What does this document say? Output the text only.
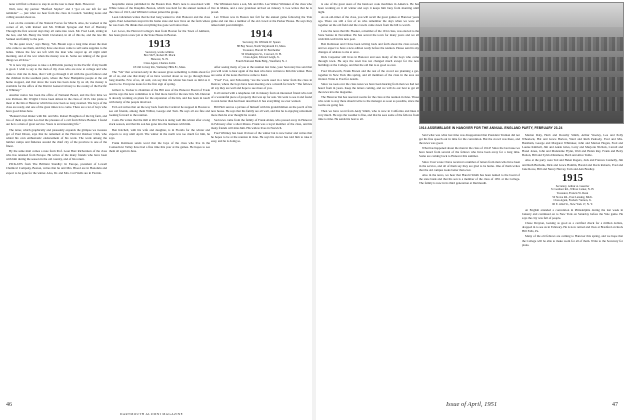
none will find a chance to step in on the tour to meet them. However:

Well, now, my partner "Bedford Snyder" and I "got on our left for our reminder" — just what we hear from the class in Council. Sending notes and calling around about us.

Last on the contents of the Natural Forces for March. Also, he worked at the corner of all, with Robert and Mr. William Sprague and Earl of Barnaby. Through the first several days they all came into town. Mr. Fred Ladd, sitting in the box, and Mr. Henry the Sixth Cleveland, in all of this he, and the late Mr. Samuel and family to the post.

"In the quiet town," says Henry, "Mr. Blount says a long time about the men who came to see them, and they have one more come to sell some supplies to the ladies. Unless the few are left with the man who stayed up all night until morning, and of the war when the money was in. Some are talking of the great things we all have."

"It is now my purpose to take a 4,000-mile journey in the Pacific if my health is good. I wish to say to the men of my class who are now at college and who came to visit me in June, that I will go through it all with the good fellows and the children in the southern parts, where the New Hampshire people at the old home stopped, and that since the work has been done by us all, the money is available for the office of the District General Library to the county of the Pacific at Whitney."

Another notice has been the office of National Board, and the first time we saw Pattison. Mr. Wright: I have been almost in the class of 1913. Our plans to meet at the Inn at Hanover which has now been so long awaited. The boys of the class are ready, and one of the great times is to come. There are a lot of boys who have good times here.

"Bennett's had dinner with Mr. and Mrs. Robert Houghton of the big farm, and two of them says that Leo had the pleasure of a call from Prince Bonner. I found out he is a man of great service. Yours is an interesting life."

The letter, which graphically and pleasantly expands the glimpse we treasure got of Paul Dixon, says that he remained at the Harvard Outdoor Club, who added his own enthusiastic endorsement of his work. The work among the lumber camps and fisheries around the chief city of the province is one of the finest.

By the same mail comes a note from Prof. Leon Burr Richardson of the class who has returned from Europe. He writes of the many friends who have been with him during the season in the old country, and of his return.

PICK-UPS from The Brilliant Standby: In Europe, president of Lowell Chemical Company, Boston, writes that he and Mrs. Blood are in Honolulu and expect to be gone for the winter. Also, Dr. and Mrs. Carl Wells are in Florida.

hospitable statue published in the Boston Post. Ben's note is associated with White Glass of the Dauphin. Boston, which was held for the annual reunion of the class of 1913, and William Carlson joined the group.

Leon Glickman writes that he had long wanted to visit Hanover and the class again. Paul Ackerman stayed in his home state and now lives on the farm where he was born. He thinks that everything has gone well since then.

Lev Lowe, the Harvard College's man from Boston for the Town of Amherst, has been given a new job at the State House in Boston.

1913
Secretary, warde wilkins
Box 5027, Robert H. Mack
Hanover, N. H.
Class Agent, Charles Joslin
18 Old Colony Rd., Wellesley Hills 81, Mass.

The "Six" that occurred early in the season gives something to think about for all of us, and one that many of us have worried about as we go through these long months. Few of us, all said, can say that the winter has been as mild as it used to be. Everyone looks for the first sign of spring.

Gilbert G. Tucker is chairman of the Hill area of the Hanover Board of Trade and he says the new committee is to find more land for the new Inn. Mr. Duncan is already working on plans for the expansion of the Inn, and has been in touch with many of the people involved.

Ed Lord writes that on the way back from the Carnival he stopped in Boston to see old friends, among them Wilbur, George and Tom. He says all are fine and looking forward to the reunion.

Conn. He writes that the mill at Old Town is doing well this winter after a long slack season, and that his son has gone into the business with him.

Ben Kitchell, with his wife and daughter, is in Florida for the winter and expects to stay until April. The winter in the north was too much for him, he says.

Frank Robinson sends word that the boys of the class who live in the Connecticut Valley have had a fine time this year at the games. He hopes to see them all again in June.

The Whitakers have a son, Mr. and Mrs. Lee Walter Whitaker of the class who live in Maine, and a new grandson arrived on January 3. Lee writes that he is proud.

Lev Wilson was in Boston last fall for the annual game following the Yale game and ran into a number of the old crowd at the Parker House. He says they talked until past midnight.

1914
Secretary, Dr. William W. Spears
88 Bay Street, North Weymouth 91, Mass.
Treasurer, Harold W. Batchelder
50 Washington St., Concord, N. H.
Class Agent, Edward Leigh, Jr.
Fourth National Bank Bldg., Westfield, N. J.

After seeing many of you at the reunion last June, your Secretary has said that you will want to hear again of the men who have written to him this winter. Here are some of the notes that have come to hand.

"Fred" Fox, and Fellowship "are the words used in a letter from the class in Denver, where the boys have been meeting once a month for lunch." The fellows all say they are well and hope to see more of you.

It all started with a telephone call in January from an interested friend who told of a wonderful piece of property that was up for sale. We went to see it and found it even better than had been described. It has everything we ever wanted.

Bill Holt sent us a picture of himself with his grandchildren on the porch of his new house. He says that his family are all well, and that he is enjoying retirement more than he ever thought he would.

Sad news came from the family of Frank Alden, who passed away in Hanover in February after a short illness. Frank was a loyal member of the class, and his many friends will miss him. His widow lives in Norwich.

Fred Whitney has been ill most of the winter but is now better and writes that he hopes to be at the reunion in June. He says his doctor has told him to take it easy, and he is doing so.

46
DARTMOUTH ALUMNI MAGAZINE

is one of the great users of the hand-set cook machines in America. He has been working on it all winter and says it keeps him busy from morning until night.

As an old-timer of the class, you will recall the great games at Hanover years ago. There are still a few of us who remember the days when we were all together on the old field and the crowds came down from the hill to watch.

I saw the news that Mr. Hooker, a member of the 1914 class, was elected to the State Senate in November. He has served the town for many years and we all wish him well in his new post.

Bob Robinson and I have been writing back and forth about the class record, and we expect to have a new edition ready before the reunion. Please send in any changes of address to me at once.

Dick Carpenter still lives in Hanover and sees many of the boys who come through town. He says the town has not changed much except for the new buildings at the College, and that the old Inn is as good as ever.

Fred Woolworth, Frank Brown and the rest of the crowd are planning a get-together in New York this spring, and all members of the class in the area are invited. Write to Fred for details.

Since we took over the class notes we have been hearing from men we had not heard from in years. Keep the letters coming, and we will do our best to get all the news into the magazine.

The Hanover Inn has reserved rooms for the class at the reunion in June. Those who want to stay there should write to the manager as soon as possible, since the rooms are going fast.

Then we have word from Andy Smith, who is now in California and likes it very much. He says the weather is fine, and that he sees some of the fellows from time to time. He sends his best to all.

1914 ASSEMBLAGE IN HANOVER FOR THE ANNUAL ENGLAND PARTY, FEBRUARY 23-24

Said what was what last time was disappointed that President Truman did not get his fine speech out in time for the convention. But the crowd was there, and the news was good.

What has happened about the men in the class of 1914? Since the last issue we have heard from several of the fellows who have been away for a long time. Some are coming back to Hanover this summer.

Since I last wrote I have received a number of letters from men who have been in the service, and all of them say they are glad to be home. One of them writes that the old campus looks better than ever.

Also in the news, we hear that Harold Smith has been named to the board of the state bank and that his son is a member of the class of 1951 at the College. The family is now in its third generation at Dartmouth.

Marian Daly, Herb and Dorothy Smith, Arthur Wooley, Lee and Polly Wheelock, Hal and Grace Barlow, Ward and Ruth Peabody, Fred and Mrs. Burnham, George and Margaret Whittaker, John and Marion Hogan, Fred and Louise Kimball, Jim and Adele Giles, Larry and Marjorie Nichols, Carroll and Hazel Jones, John and Madeleine Flynn, Walt and Helen Ray, Frank and Betty Bolton, Bill and Sylvia Dinsmore, Herb and Alice Tuttle.

Also at the party were Ted and Helen Rogers, Jack and Frances Connelly, Jim and Ruth Burbank, Dick and Grace Hamlin, Harold and Doris Roberts, Fred and Jane Rowe, Bill and Nancy Harvey, Tom and Ann Bradley.

1915
Secretary, Arthur A. Guerrier
31 Gardner Rd., Wilton Center, N. H.
Treasurer, Francis W. Dean
50 Stowe Rd., East Lansing, Mich.
Class Agent, Frederic Vernon, Jr.
60 E. 42nd St., New York 17, N. Y.

At English attended a convention in Philadelphia during the last week in January and continued on to New York on Saturday before the Yale game. He says the city was full of people.

Chase Drayton, looking as good as a certified check for a million dollars, dropped in to see us in February. He is now retired and lives at Bradford on Rock Hill Falls, Pa.

Many of the old fellows are coming to Hanover this spring, and we hope that the College will be able to make room for all of them. Write to the Secretary for plans.

Issue of April, 1951	47
